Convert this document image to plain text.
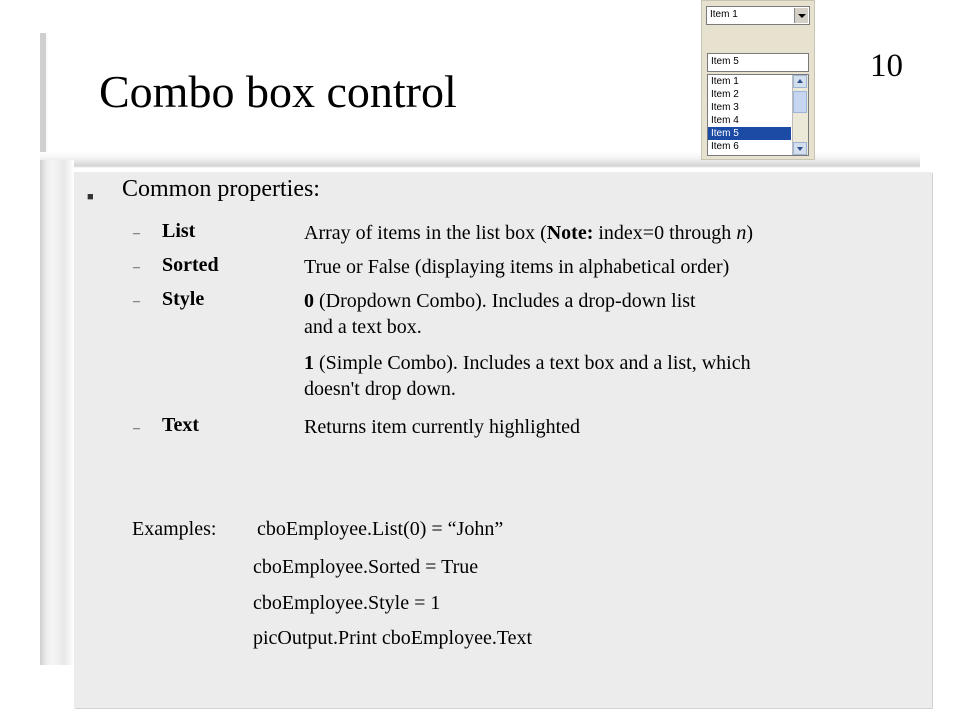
Combo box control	10
Item 1
Item 5
Item 1
Item 2
Item 3
Item 4
Item 5
Item 6
■ Common properties:
– List	Array of items in the list box (Note: index=0 through n)
– Sorted	True or False (displaying items in alphabetical order)
– Style	0 (Dropdown Combo). Includes a drop-down list
and a text box.
1 (Simple Combo). Includes a text box and a list, which
doesn't drop down.
– Text	Returns item currently highlighted
Examples: cboEmployee.List(0) = “John”
cboEmployee.Sorted = True
cboEmployee.Style = 1
picOutput.Print cboEmployee.Text
